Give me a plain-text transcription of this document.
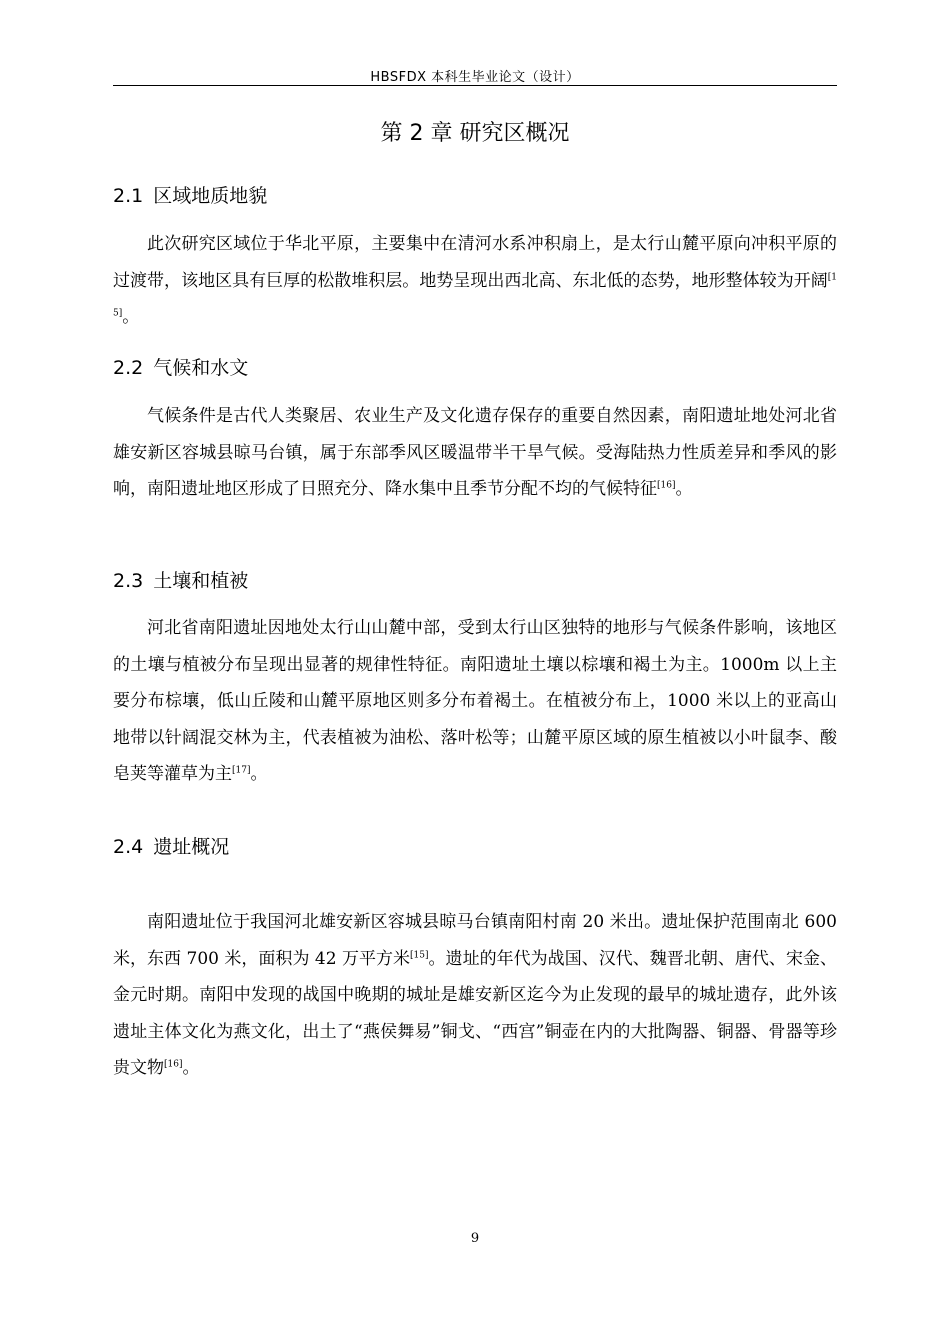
HBSFDX 本科生毕业论文（设计）
第 2 章 研究区概况
2.1 区域地质地貌

此次研究区域位于华北平原，主要集中在清河水系冲积扇上，是太行山麓平原向冲积平原的过渡带，该地区具有巨厚的松散堆积层。地势呈现出西北高、东北低的态势，地形整体较为开阔[15]。

2.2 气候和水文

气候条件是古代人类聚居、农业生产及文化遗存保存的重要自然因素，南阳遗址地处河北省雄安新区容城县晾马台镇，属于东部季风区暖温带半干旱气候。受海陆热力性质差异和季风的影响，南阳遗址地区形成了日照充分、降水集中且季节分配不均的气候特征[16]。

2.3 土壤和植被

河北省南阳遗址因地处太行山山麓中部，受到太行山区独特的地形与气候条件影响，该地区的土壤与植被分布呈现出显著的规律性特征。南阳遗址土壤以棕壤和褐土为主。1000m 以上主要分布棕壤，低山丘陵和山麓平原地区则多分布着褐土。在植被分布上，1000 米以上的亚高山地带以针阔混交林为主，代表植被为油松、落叶松等；山麓平原区域的原生植被以小叶鼠李、酸皂荚等灌草为主[17]。

2.4 遗址概况

南阳遗址位于我国河北雄安新区容城县晾马台镇南阳村南 20 米出。遗址保护范围南北 600 米，东西 700 米，面积为 42 万平方米[15]。遗址的年代为战国、汉代、魏晋北朝、唐代、宋金、金元时期。南阳中发现的战国中晚期的城址是雄安新区迄今为止发现的最早的城址遗存，此外该遗址主体文化为燕文化，出土了“燕侯舞易”铜戈、“西宫”铜壶在内的大批陶器、铜器、骨器等珍贵文物[16]。

9
